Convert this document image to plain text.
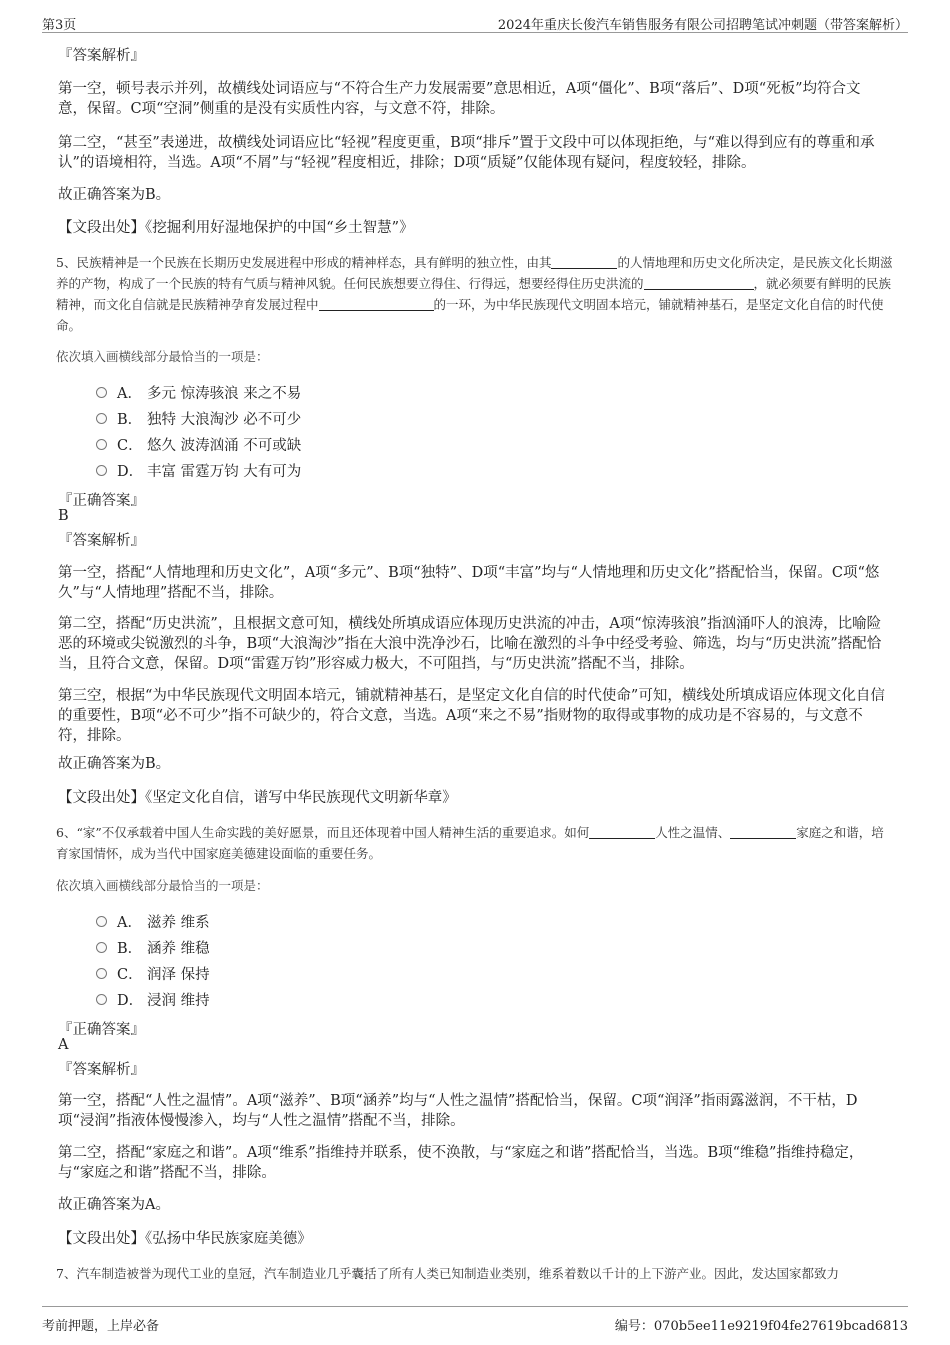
第3页	2024年重庆长俊汽车销售服务有限公司招聘笔试冲刺题（带答案解析）
『答案解析』
第一空，顿号表示并列，故横线处词语应与“不符合生产力发展需要”意思相近，A项“僵化”、B项“落后”、D项“死板”均符合文意，保留。C项“空洞”侧重的是没有实质性内容，与文意不符，排除。
第二空，“甚至”表递进，故横线处词语应比“轻视”程度更重，B项“排斥”置于文段中可以体现拒绝，与“难以得到应有的尊重和承认”的语境相符，当选。A项“不屑”与“轻视”程度相近，排除；D项“质疑”仅能体现有疑问，程度较轻，排除。
故正确答案为B。
【文段出处】《挖掘利用好湿地保护的中国“乡土智慧”》
5、民族精神是一个民族在长期历史发展进程中形成的精神样态，具有鲜明的独立性，由其	的人情地理和历史文化所决定，是民族文化长期滋养的产物，构成了一个民族的特有气质与精神风貌。任何民族想要立得住、行得远，想要经得住历史洪流的	，就必须要有鲜明的民族精神，而文化自信就是民族精神孕育发展过程中	的一环，为中华民族现代文明固本培元，铺就精神基石，是坚定文化自信的时代使命。
依次填入画横线部分最恰当的一项是：
A． 多元 惊涛骇浪 来之不易
B． 独特 大浪淘沙 必不可少
C． 悠久 波涛汹涌 不可或缺
D． 丰富 雷霆万钧 大有可为
『正确答案』
B
『答案解析』
第一空，搭配“人情地理和历史文化”，A项“多元”、B项“独特”、D项“丰富”均与“人情地理和历史文化”搭配恰当，保留。C项“悠久”与“人情地理”搭配不当，排除。
第二空，搭配“历史洪流”，且根据文意可知，横线处所填成语应体现历史洪流的冲击，A项“惊涛骇浪”指汹涌吓人的浪涛，比喻险恶的环境或尖锐激烈的斗争，B项“大浪淘沙”指在大浪中洗净沙石，比喻在激烈的斗争中经受考验、筛选，均与“历史洪流”搭配恰当，且符合文意，保留。D项“雷霆万钧”形容威力极大，不可阻挡，与“历史洪流”搭配不当，排除。
第三空，根据“为中华民族现代文明固本培元，铺就精神基石，是坚定文化自信的时代使命”可知，横线处所填成语应体现文化自信的重要性，B项“必不可少”指不可缺少的，符合文意，当选。A项“来之不易”指财物的取得或事物的成功是不容易的，与文意不符，排除。
故正确答案为B。
【文段出处】《坚定文化自信，谱写中华民族现代文明新华章》
6、“家”不仅承载着中国人生命实践的美好愿景，而且还体现着中国人精神生活的重要追求。如何	人性之温情、	家庭之和谐，培育家国情怀，成为当代中国家庭美德建设面临的重要任务。
依次填入画横线部分最恰当的一项是：
A． 滋养 维系
B． 涵养 维稳
C． 润泽 保持
D． 浸润 维持
『正确答案』
A
『答案解析』
第一空，搭配“人性之温情”。A项“滋养”、B项“涵养”均与“人性之温情”搭配恰当，保留。C项“润泽”指雨露滋润，不干枯，D项“浸润”指液体慢慢渗入，均与“人性之温情”搭配不当，排除。
第二空，搭配“家庭之和谐”。A项“维系”指维持并联系，使不涣散，与“家庭之和谐”搭配恰当，当选。B项“维稳”指维持稳定，与“家庭之和谐”搭配不当，排除。
故正确答案为A。
【文段出处】《弘扬中华民族家庭美德》
7、汽车制造被誉为现代工业的皇冠，汽车制造业几乎囊括了所有人类已知制造业类别，维系着数以千计的上下游产业。因此，发达国家都致力
考前押题，上岸必备	编号：070b5ee11e9219f04fe27619bcad6813
